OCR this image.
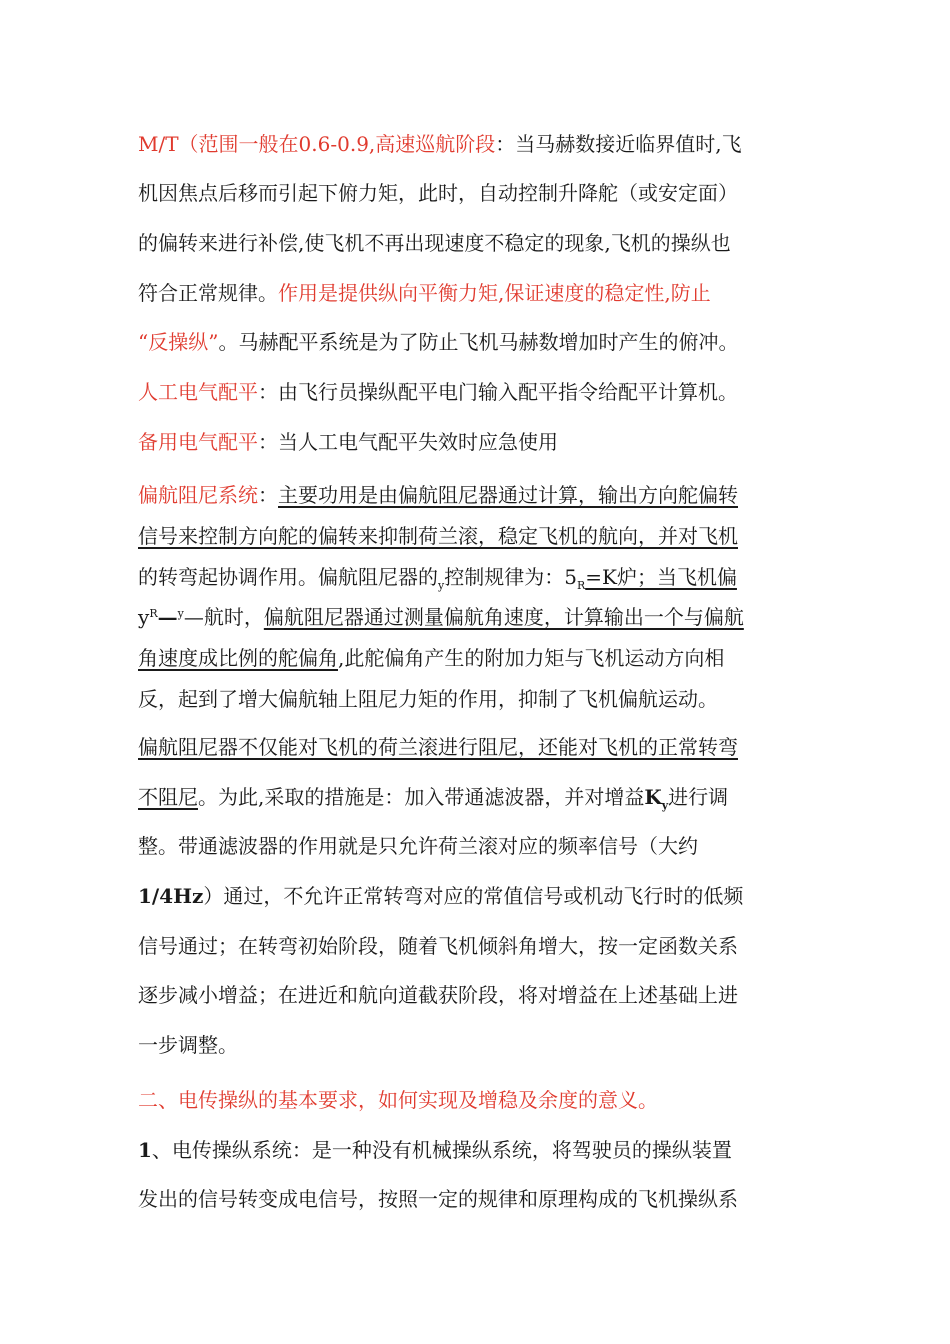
M/T（范围一般在0.6-0.9,高速巡航阶段：当马赫数接近临界值时,飞
机因焦点后移而引起下俯力矩，此时，自动控制升降舵（或安定面）
的偏转来进行补偿,使飞机不再出现速度不稳定的现象,飞机的操纵也
符合正常规律。作用是提供纵向平衡力矩,保证速度的稳定性,防止
“反操纵”。马赫配平系统是为了防止飞机马赫数增加时产生的俯冲。
人工电气配平：由飞行员操纵配平电门输入配平指令给配平计算机。
备用电气配平：当人工电气配平失效时应急使用
偏航阻尼系统：主要功用是由偏航阻尼器通过计算，输出方向舵偏转
信号来控制方向舵的偏转来抑制荷兰滚，稳定飞机的航向，并对飞机
的转弯起协调作用。偏航阻尼器的$_y$控制规律为：$5_R=K$炉；当飞机偏
$y^R—^y—$航时，偏航阻尼器通过测量偏航角速度，计算输出一个与偏航
角速度成比例的舵偏角,此舵偏角产生的附加力矩与飞机运动方向相
反，起到了增大偏航轴上阻尼力矩的作用，抑制了飞机偏航运动。
偏航阻尼器不仅能对飞机的荷兰滚进行阻尼，还能对飞机的正常转弯
不阻尼。为此,采取的措施是：加入带通滤波器，并对增益$K_y$进行调
整。带通滤波器的作用就是只允许荷兰滚对应的频率信号（大约
1/4Hz）通过，不允许正常转弯对应的常值信号或机动飞行时的低频
信号通过；在转弯初始阶段，随着飞机倾斜角增大，按一定函数关系
逐步减小增益；在进近和航向道截获阶段，将对增益在上述基础上进
一步调整。
二、电传操纵的基本要求，如何实现及增稳及余度的意义。
1、电传操纵系统：是一种没有机械操纵系统，将驾驶员的操纵装置
发出的信号转变成电信号，按照一定的规律和原理构成的飞机操纵系
